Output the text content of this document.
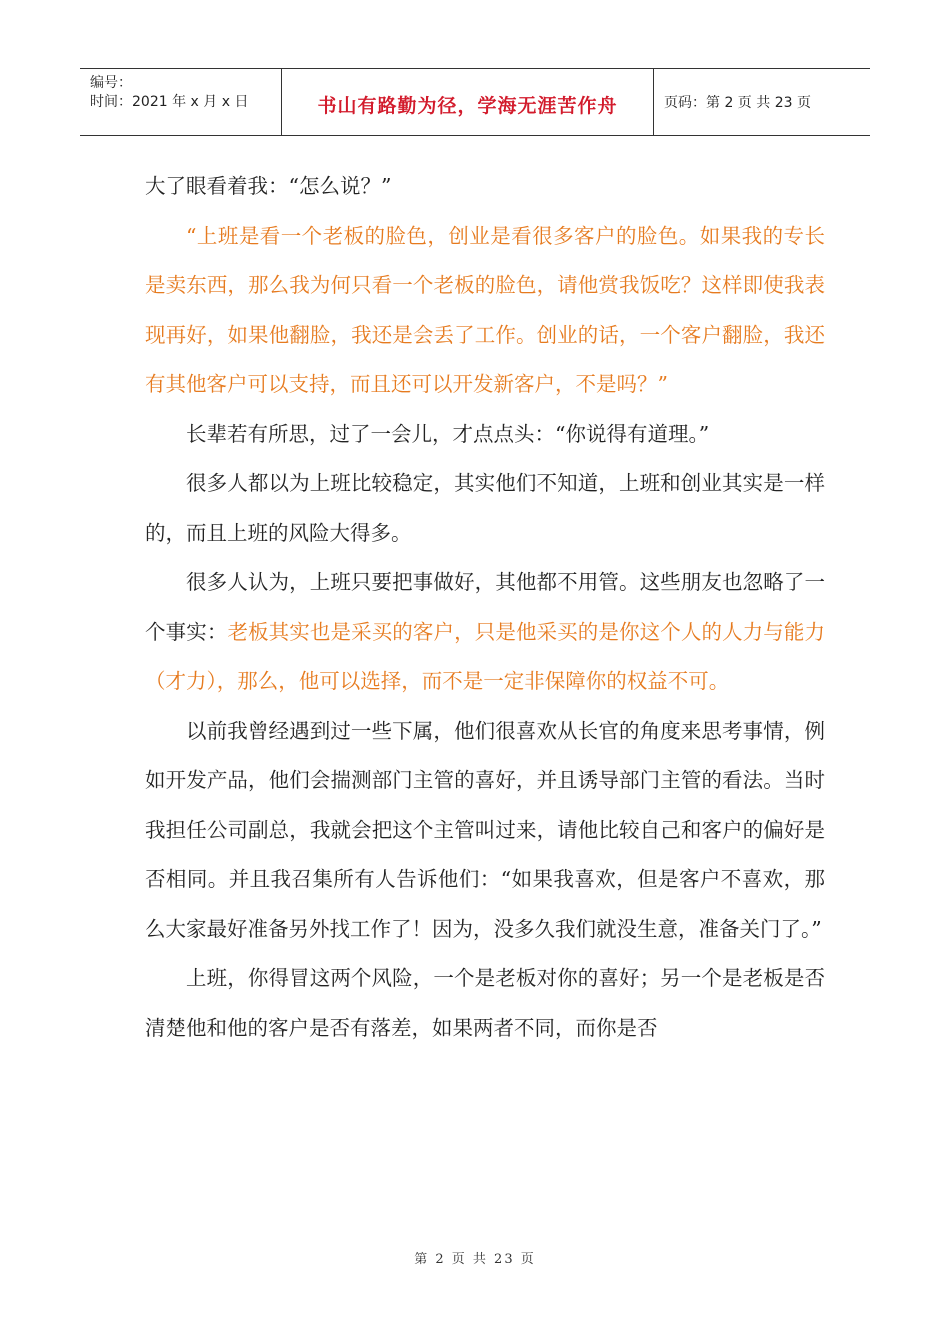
编号：
时间：2021 年 x 月 x 日	书山有路勤为径，学海无涯苦作舟	页码：第 2 页 共 23 页

大了眼看着我：“怎么说？”

“上班是看一个老板的脸色，创业是看很多客户的脸色。如果我的专长是卖东西，那么我为何只看一个老板的脸色，请他赏我饭吃？这样即使我表现再好，如果他翻脸，我还是会丢了工作。创业的话，一个客户翻脸，我还有其他客户可以支持，而且还可以开发新客户，不是吗？”

长辈若有所思，过了一会儿，才点点头：“你说得有道理。”

很多人都以为上班比较稳定，其实他们不知道，上班和创业其实是一样的，而且上班的风险大得多。

很多人认为，上班只要把事做好，其他都不用管。这些朋友也忽略了一个事实：老板其实也是采买的客户，只是他采买的是你这个人的人力与能力（才力），那么，他可以选择，而不是一定非保障你的权益不可。

以前我曾经遇到过一些下属，他们很喜欢从长官的角度来思考事情，例如开发产品，他们会揣测部门主管的喜好，并且诱导部门主管的看法。当时我担任公司副总，我就会把这个主管叫过来，请他比较自己和客户的偏好是否相同。并且我召集所有人告诉他们：“如果我喜欢，但是客户不喜欢，那么大家最好准备另外找工作了！因为，没多久我们就没生意，准备关门了。”

上班，你得冒这两个风险，一个是老板对你的喜好；另一个是老板是否清楚他和他的客户是否有落差，如果两者不同，而你是否

第 2 页 共 23 页
